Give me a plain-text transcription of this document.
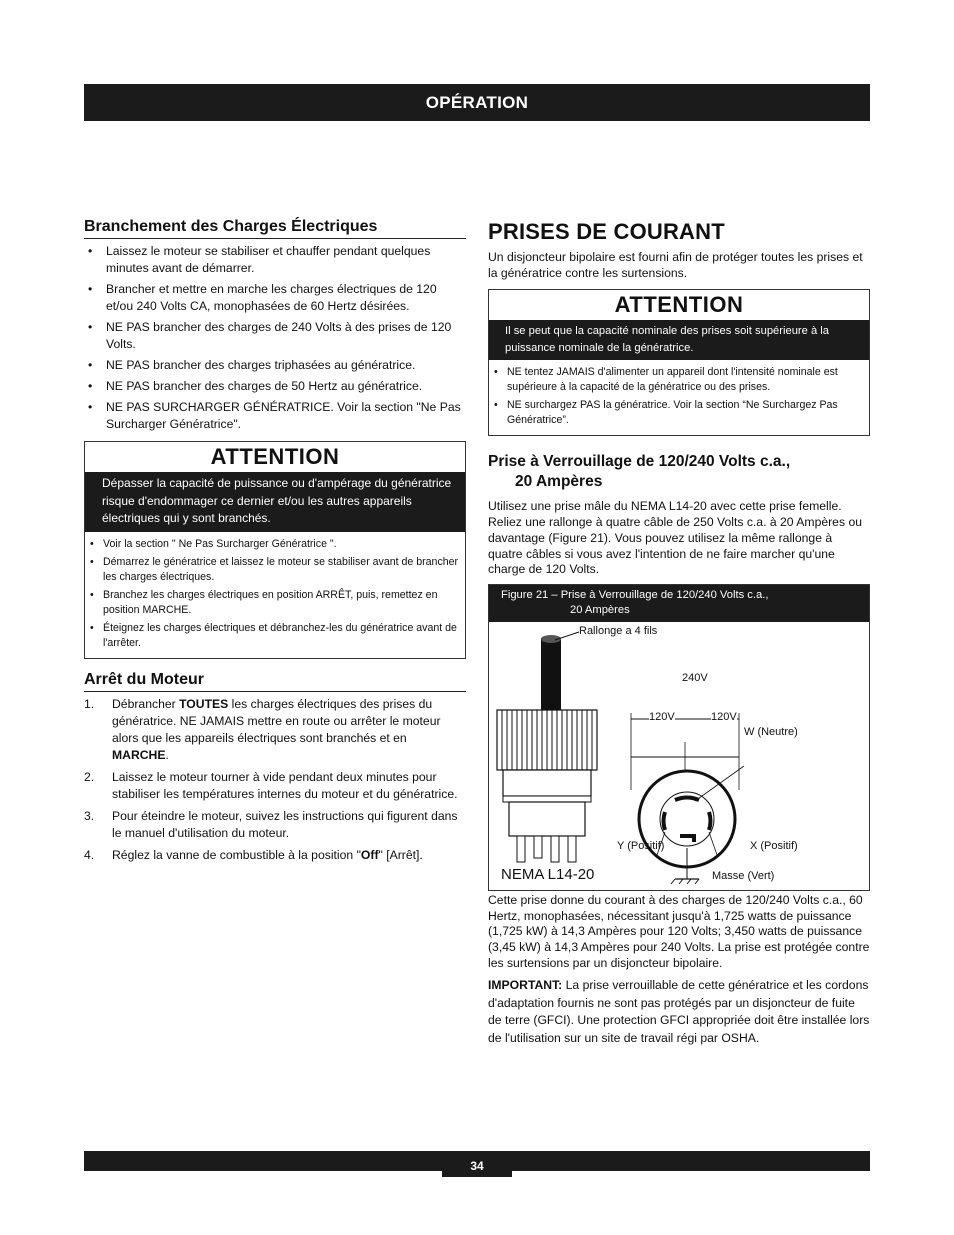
OPÉRATION
Branchement des Charges Électriques
• Laissez le moteur se stabiliser et chauffer pendant quelques minutes avant de démarrer.
• Brancher et mettre en marche les charges électriques de 120 et/ou 240 Volts CA, monophasées de 60 Hertz désirées.
• NE PAS brancher des charges de 240 Volts à des prises de 120 Volts.
• NE PAS brancher des charges triphasées au génératrice.
• NE PAS brancher des charges de 50 Hertz au génératrice.
• NE PAS SURCHARGER GÉNÉRATRICE. Voir la section "Ne Pas Surcharger Génératrice".
ATTENTION
Dépasser la capacité de puissance ou d'ampérage du génératrice risque d'endommager ce dernier et/ou les autres appareils électriques qui y sont branchés.
• Voir la section " Ne Pas Surcharger Génératrice ".
• Démarrez le génératrice et laissez le moteur se stabiliser avant de brancher les charges électriques.
• Branchez les charges électriques en position ARRÊT, puis, remettez en position MARCHE.
• Éteignez les charges électriques et débranchez-les du génératrice avant de l'arrêter.
Arrêt du Moteur
1. Débrancher TOUTES les charges électriques des prises du génératrice. NE JAMAIS mettre en route ou arrêter le moteur alors que les appareils électriques sont branchés et en MARCHE.
2. Laissez le moteur tourner à vide pendant deux minutes pour stabiliser les températures internes du moteur et du génératrice.
3. Pour éteindre le moteur, suivez les instructions qui figurent dans le manuel d'utilisation du moteur.
4. Réglez la vanne de combustible à la position "Off" [Arrêt].
PRISES DE COURANT

Un disjoncteur bipolaire est fourni afin de protéger toutes les prises et la génératrice contre les surtensions.

ATTENTION
Il se peut que la capacité nominale des prises soit supérieure à la puissance nominale de la génératrice.
• NE tentez JAMAIS d'alimenter un appareil dont l'intensité nominale est supérieure à la capacité de la génératrice ou des prises.
• NE surchargez PAS la génératrice. Voir la section “Ne Surchargez Pas Génératrice”.
Prise à Verrouillage de 120/240 Volts c.a.,
20 Ampères

Utilisez une prise mâle du NEMA L14-20 avec cette prise femelle. Reliez une rallonge à quatre câble de 250 Volts c.a. à 20 Ampères ou davantage (Figure 21). Vous pouvez utilisez la même rallonge à quatre câbles si vous avez l'intention de ne faire marcher qu'une charge de 120 Volts.

Figure 21 – Prise à Verrouillage de 120/240 Volts c.a.,
20 Ampères
Rallonge a 4 fils
240V
120V	120V
W (Neutre)
Y (Positif)	X (Positif)
Masse (Vert)
NEMA L14-20

Cette prise donne du courant à des charges de 120/240 Volts c.a., 60 Hertz, monophasées, nécessitant jusqu'à 1,725 watts de puissance (1,725 kW) à 14,3 Ampères pour 120 Volts; 3,450 watts de puissance (3,45 kW) à 14,3 Ampères pour 240 Volts. La prise est protégée contre les surtensions par un disjoncteur bipolaire.

IMPORTANT: La prise verrouillable de cette génératrice et les cordons d'adaptation fournis ne sont pas protégés par un disjoncteur de fuite de terre (GFCI). Une protection GFCI appropriée doit être installée lors de l'utilisation sur un site de travail régi par OSHA.

34
